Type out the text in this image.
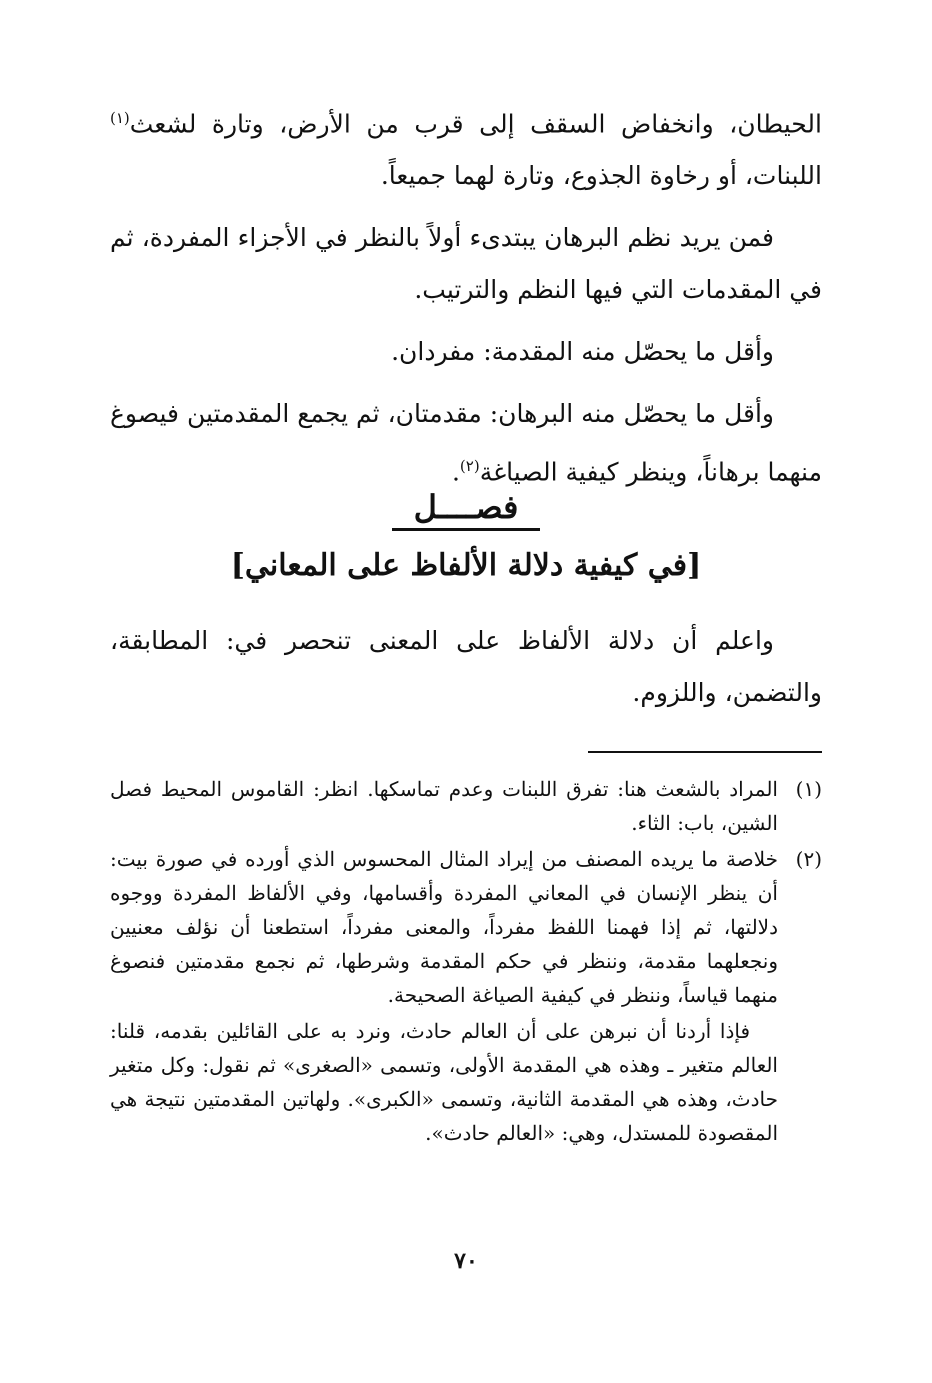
الحيطان، وانخفاض السقف إلى قرب من الأرض، وتارة لشعث$^{(١)}$ اللبنات، أو رخاوة الجذوع، وتارة لهما جميعاً.

فمن يريد نظم البرهان يبتدىء أولاً بالنظر في الأجزاء المفردة، ثم في المقدمات التي فيها النظم والترتيب.

وأقل ما يحصّل منه المقدمة: مفردان.

وأقل ما يحصّل منه البرهان: مقدمتان، ثم يجمع المقدمتين فيصوغ منهما برهاناً، وينظر كيفية الصياغة$^{(٢)}$.

فصــــل
[في كيفية دلالة الألفاظ على المعاني]
واعلم أن دلالة الألفاظ على المعنى تنحصر في: المطابقة، والتضمن، واللزوم.
(١)
المراد بالشعث هنا: تفرق اللبنات وعدم تماسكها. انظر: القاموس المحيط فصل الشين، باب: الثاء.
(٢)
خلاصة ما يريده المصنف من إيراد المثال المحسوس الذي أورده في صورة بيت: أن ينظر الإنسان في المعاني المفردة وأقسامها، وفي الألفاظ المفردة ووجوه دلالتها، ثم إذا فهمنا اللفظ مفرداً، والمعنى مفرداً، استطعنا أن نؤلف معنيين ونجعلهما مقدمة، وننظر في حكم المقدمة وشرطها، ثم نجمع مقدمتين فنصوغ منهما قياساً، وننظر في كيفية الصياغة الصحيحة.
فإذا أردنا أن نبرهن على أن العالم حادث، ونرد به على القائلين بقدمه، قلنا: العالم متغير ـ وهذه هي المقدمة الأولى، وتسمى «الصغرى» ثم نقول: وكل متغير حادث، وهذه هي المقدمة الثانية، وتسمى «الكبرى». ولهاتين المقدمتين نتيجة هي المقصودة للمستدل، وهي: «العالم حادث».
٧٠
